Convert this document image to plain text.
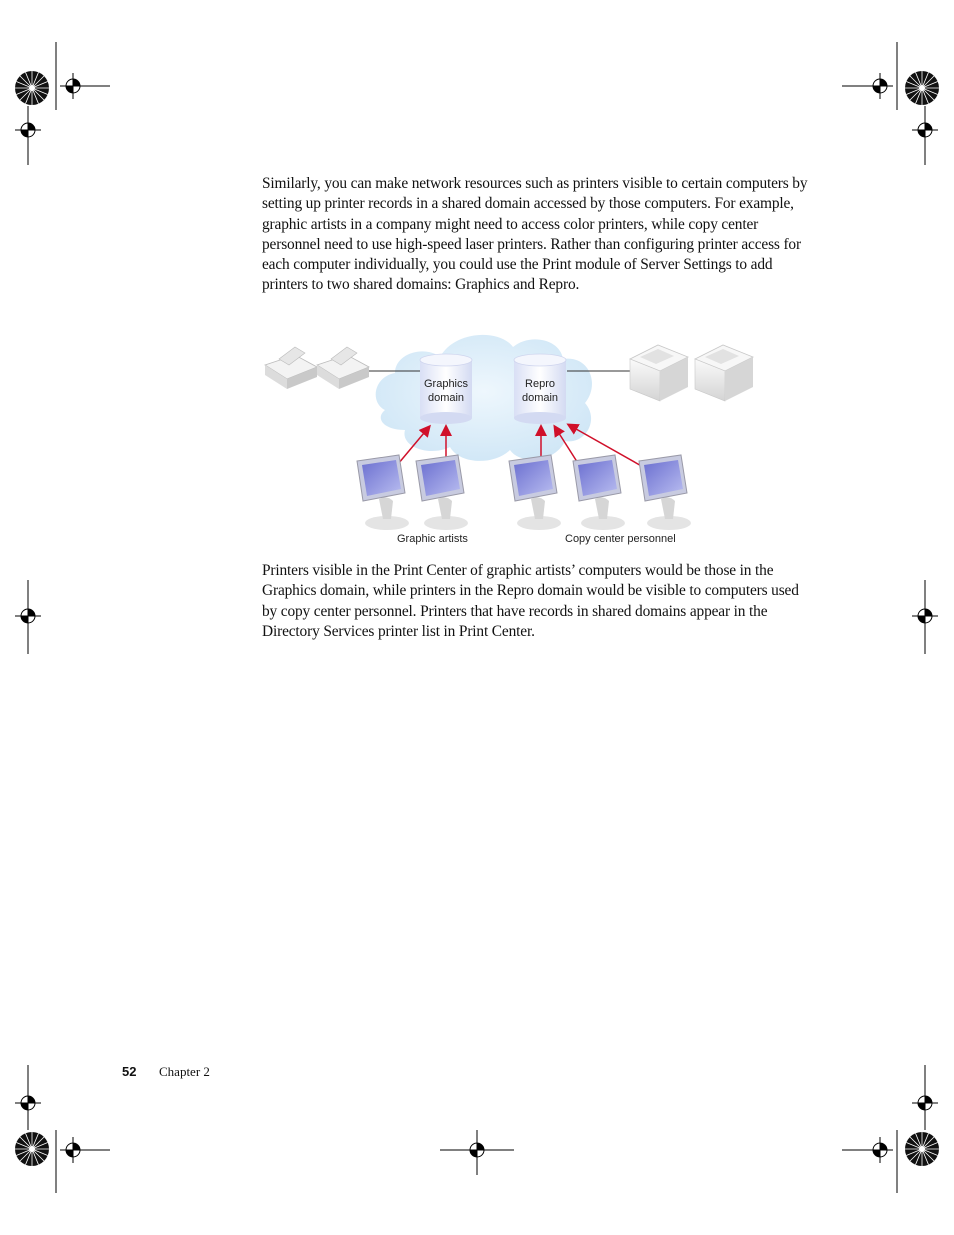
Similarly, you can make network resources such as printers visible to certain computers by setting up printer records in a shared domain accessed by those computers. For example, graphic artists in a company might need to access color printers, while copy center personnel need to use high-speed laser printers. Rather than configuring printer access for each computer individually, you could use the Print module of Server Settings to add printers to two shared domains: Graphics and Repro.
Graphics
domain
Repro
domain
Graphic artists	Copy center personnel
Printers visible in the Print Center of graphic artists’ computers would be those in the Graphics domain, while printers in the Repro domain would be visible to computers used by copy center personnel. Printers that have records in shared domains appear in the Directory Services printer list in Print Center.
52 Chapter 2
